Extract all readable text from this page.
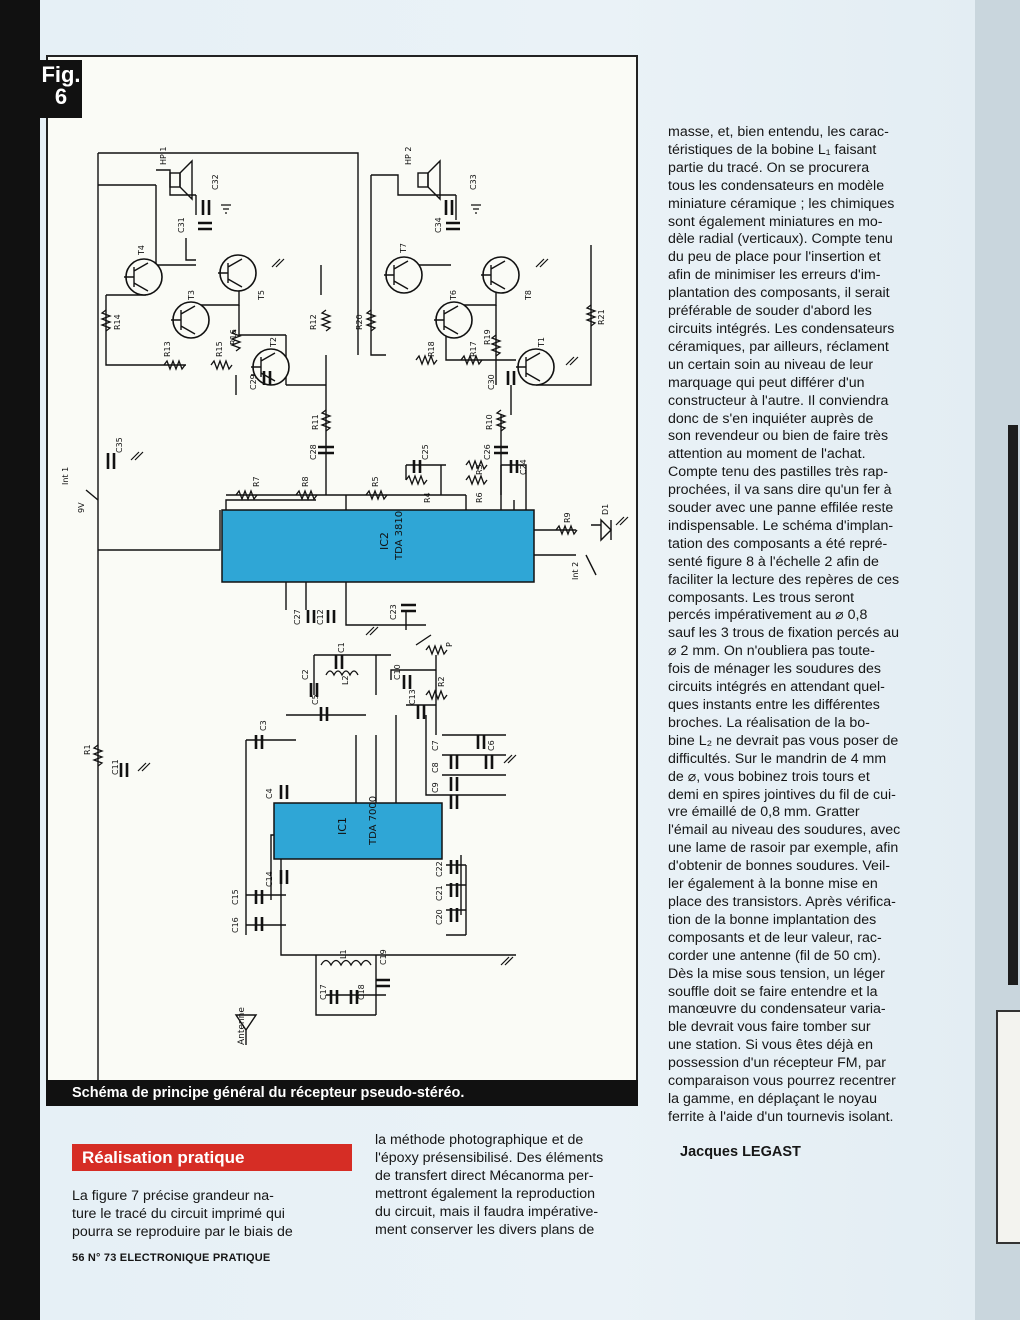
Fig.
6
IC2 TDA 3810
IC1 TDA 7000
Antenne
HP 1	HP 2
C32
C31
C33
C34
T4
T5
T3
T2
T7
T8
T6
T1
R14
R13	R15
R16
R12	R20
R18	R17
R19
R21
C29	C30
R11	R10
C35	C28	C25	C26
C24
R7	R8	R5
R4
R3
R6
R9
D1
Int 1
Int 2
9V
C27 C12	C23
P
C1
C2
L2
C5
C10
R2
C13
C3
C7
C8
C9
C6
R1
C11
C4
C14
C15
C16
C22
C21
C20
L1	C19
C17	C18
Schéma de principe général du récepteur pseudo-stéréo.

masse, et, bien entendu, les carac-

téristiques de la bobine L₁ faisant

partie du tracé. On se procurera

tous les condensateurs en modèle

miniature céramique ; les chimiques

sont également miniatures en mo-

dèle radial (verticaux). Compte tenu

du peu de place pour l'insertion et

afin de minimiser les erreurs d'im-

plantation des composants, il serait

préférable de souder d'abord les

circuits intégrés. Les condensateurs

céramiques, par ailleurs, réclament

un certain soin au niveau de leur

marquage qui peut différer d'un

constructeur à l'autre. Il conviendra

donc de s'en inquiéter auprès de

son revendeur ou bien de faire très

attention au moment de l'achat.

Compte tenu des pastilles très rap-

prochées, il va sans dire qu'un fer à

souder avec une panne effilée reste

indispensable. Le schéma d'implan-

tation des composants a été repré-

senté figure 8 à l'échelle 2 afin de

faciliter la lecture des repères de ces

composants. Les trous seront

percés impérativement au ⌀ 0,8

sauf les 3 trous de fixation percés au

⌀ 2 mm. On n'oubliera pas toute-

fois de ménager les soudures des

circuits intégrés en attendant quel-

ques instants entre les différentes

broches. La réalisation de la bo-

bine L₂ ne devrait pas vous poser de

difficultés. Sur le mandrin de 4 mm

de ⌀, vous bobinez trois tours et

demi en spires jointives du fil de cui-

vre émaillé de 0,8 mm. Gratter

l'émail au niveau des soudures, avec

une lame de rasoir par exemple, afin

d'obtenir de bonnes soudures. Veil-

ler également à la bonne mise en

place des transistors. Après vérifica-

tion de la bonne implantation des

composants et de leur valeur, rac-

corder une antenne (fil de 50 cm).

Dès la mise sous tension, un léger

souffle doit se faire entendre et la

manœuvre du condensateur varia-

ble devrait vous faire tomber sur

une station. Si vous êtes déjà en

possession d'un récepteur FM, par

comparaison vous pourrez recentrer

la gamme, en déplaçant le noyau

ferrite à l'aide d'un tournevis isolant.

Jacques LEGAST
Réalisation pratique

La figure 7 précise grandeur na-

ture le tracé du circuit imprimé qui

pourra se reproduire par le biais de

la méthode photographique et de

l'époxy présensibilisé. Des éléments

de transfert direct Mécanorma per-

mettront également la reproduction

du circuit, mais il faudra impérative-

ment conserver les divers plans de

56 N° 73 ELECTRONIQUE PRATIQUE
